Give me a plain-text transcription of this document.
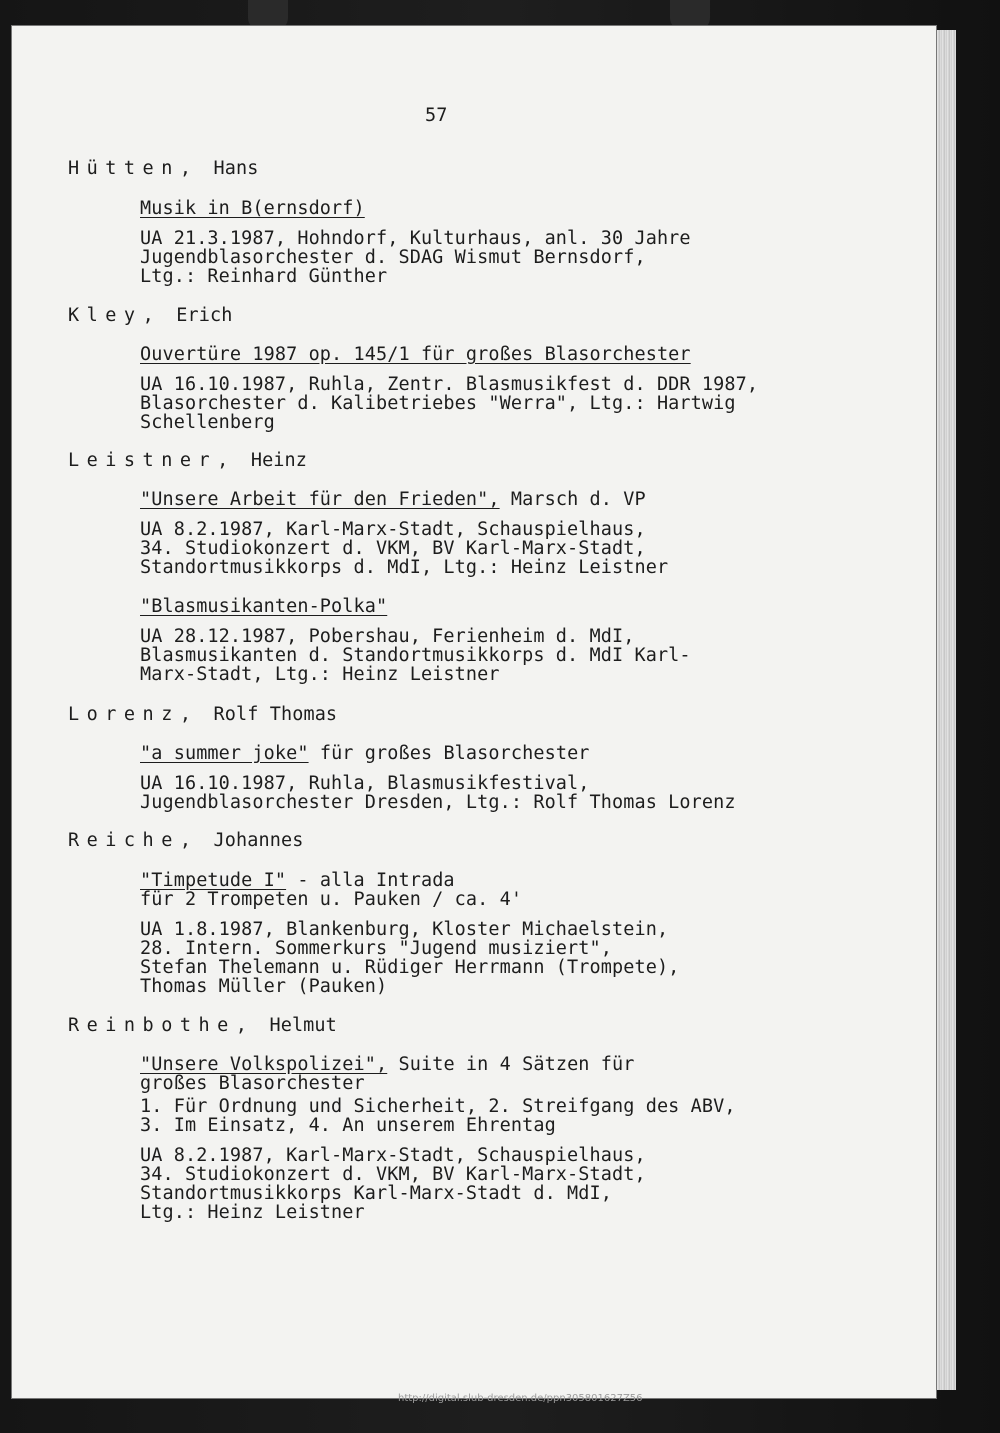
57
Hütten,  Hans
Musik in B(ernsdorf)
UA 21.3.1987, Hohndorf, Kulturhaus, anl. 30 Jahre
Jugendblasorchester d. SDAG Wismut Bernsdorf,
Ltg.: Reinhard Günther
Kley,  Erich
Ouvertüre 1987 op. 145/1 für großes Blasorchester
UA 16.10.1987, Ruhla, Zentr. Blasmusikfest d. DDR 1987,
Blasorchester d. Kalibetriebes "Werra", Ltg.: Hartwig
Schellenberg
Leistner,  Heinz
"Unsere Arbeit für den Frieden", Marsch d. VP
UA 8.2.1987, Karl-Marx-Stadt, Schauspielhaus,
34. Studiokonzert d. VKM, BV Karl-Marx-Stadt,
Standortmusikkorps d. MdI, Ltg.: Heinz Leistner
"Blasmusikanten-Polka"
UA 28.12.1987, Pobershau, Ferienheim d. MdI,
Blasmusikanten d. Standortmusikkorps d. MdI Karl-
Marx-Stadt, Ltg.: Heinz Leistner
Lorenz,  Rolf Thomas
"a summer joke" für großes Blasorchester
UA 16.10.1987, Ruhla, Blasmusikfestival,
Jugendblasorchester Dresden, Ltg.: Rolf Thomas Lorenz
Reiche,  Johannes
"Timpetude I" - alla Intrada
für 2 Trompeten u. Pauken / ca. 4'
UA 1.8.1987, Blankenburg, Kloster Michaelstein,
28. Intern. Sommerkurs "Jugend musiziert",
Stefan Thelemann u. Rüdiger Herrmann (Trompete),
Thomas Müller (Pauken)
Reinbothe,  Helmut
"Unsere Volkspolizei", Suite in 4 Sätzen für
großes Blasorchester
1. Für Ordnung und Sicherheit, 2. Streifgang des ABV,
3. Im Einsatz, 4. An unserem Ehrentag
UA 8.2.1987, Karl-Marx-Stadt, Schauspielhaus,
34. Studiokonzert d. VKM, BV Karl-Marx-Stadt,
Standortmusikkorps Karl-Marx-Stadt d. MdI,
Ltg.: Heinz Leistner
http://digital.slub-dresden.de/ppn305801627Z56
